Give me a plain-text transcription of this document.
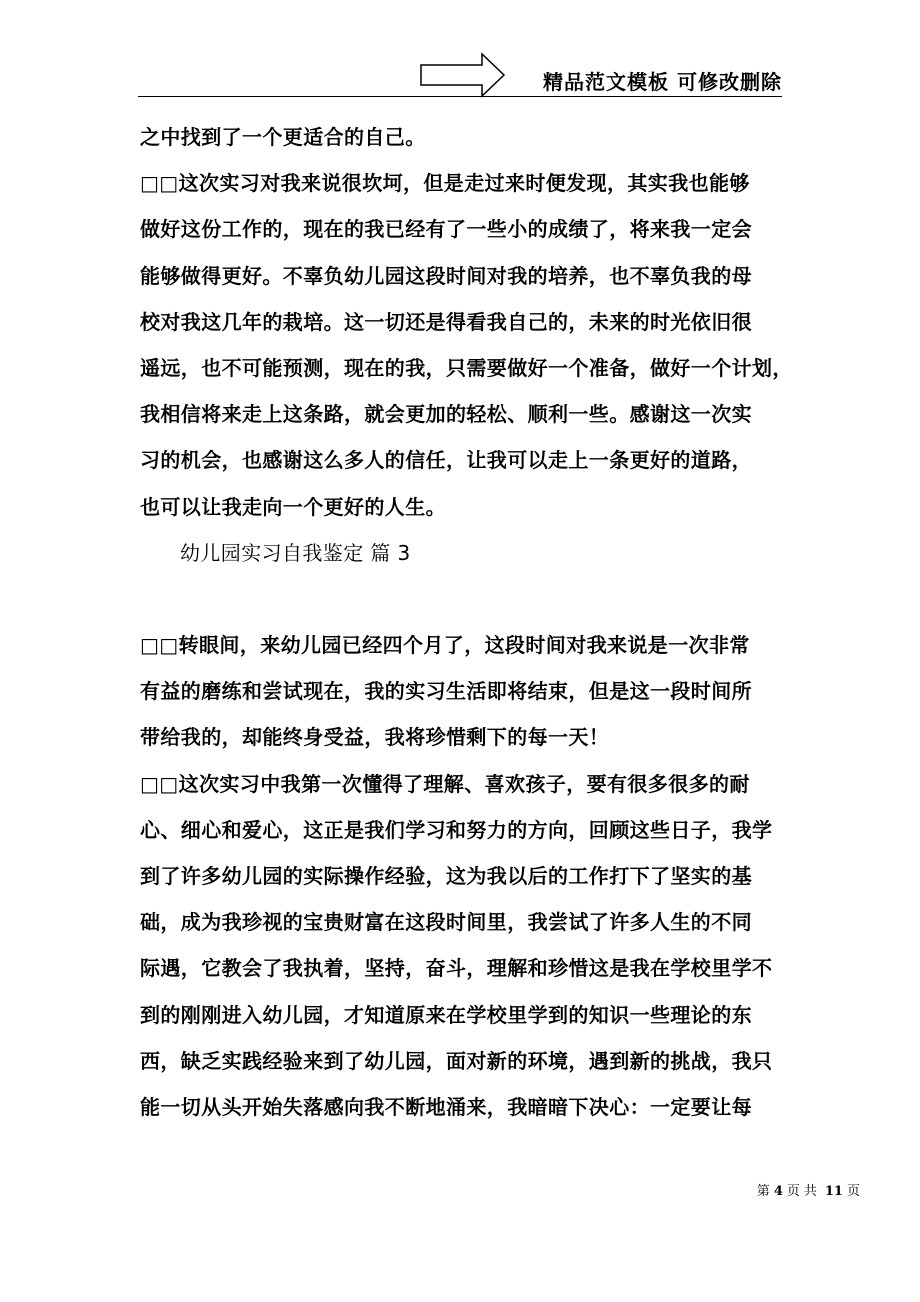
精品范文模板 可修改删除
之中找到了一个更适合的自己。
□□这次实习对我来说很坎坷，但是走过来时便发现，其实我也能够
做好这份工作的，现在的我已经有了一些小的成绩了，将来我一定会
能够做得更好。不辜负幼儿园这段时间对我的培养，也不辜负我的母
校对我这几年的栽培。这一切还是得看我自己的，未来的时光依旧很
遥远，也不可能预测，现在的我，只需要做好一个准备，做好一个计划，
我相信将来走上这条路，就会更加的轻松、顺利一些。感谢这一次实
习的机会，也感谢这么多人的信任，让我可以走上一条更好的道路，
也可以让我走向一个更好的人生。
幼儿园实习自我鉴定 篇 3
□□转眼间，来幼儿园已经四个月了，这段时间对我来说是一次非常
有益的磨练和尝试现在，我的实习生活即将结束，但是这一段时间所
带给我的，却能终身受益，我将珍惜剩下的每一天！
□□这次实习中我第一次懂得了理解、喜欢孩子，要有很多很多的耐
心、细心和爱心，这正是我们学习和努力的方向，回顾这些日子，我学
到了许多幼儿园的实际操作经验，这为我以后的工作打下了坚实的基
础，成为我珍视的宝贵财富在这段时间里，我尝试了许多人生的不同
际遇，它教会了我执着，坚持，奋斗，理解和珍惜这是我在学校里学不
到的刚刚进入幼儿园，才知道原来在学校里学到的知识一些理论的东
西，缺乏实践经验来到了幼儿园，面对新的环境，遇到新的挑战，我只
能一切从头开始失落感向我不断地涌来，我暗暗下决心：一定要让每
第 4 页 共 11 页
